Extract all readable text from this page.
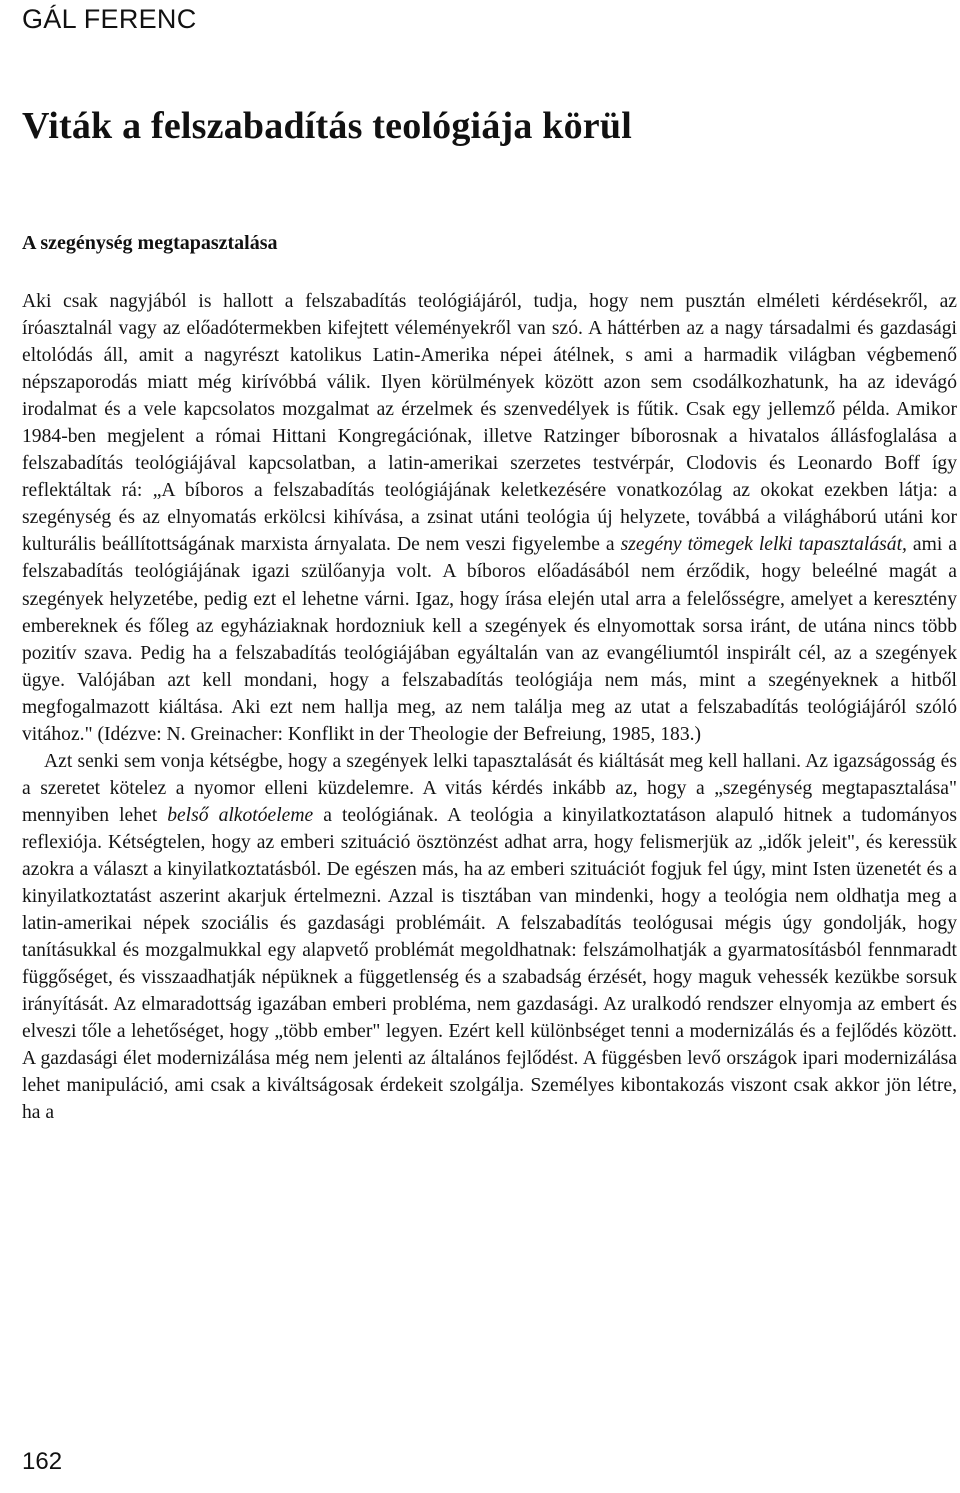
GÁL FERENC
Viták a felszabadítás teológiája körül
A szegénység megtapasztalása

Aki csak nagyjából is hallott a felszabadítás teológiájáról, tudja, hogy nem pusztán elméleti kérdésekről, az íróasztalnál vagy az előadótermekben kifejtett véleményekről van szó. A háttérben az a nagy társadalmi és gazdasági eltolódás áll, amit a nagyrészt katolikus Latin-Amerika népei átélnek, s ami a harmadik világban végbemenő népszaporodás miatt még kirívóbbá válik. Ilyen körülmények között azon sem csodálkozhatunk, ha az idevágó irodalmat és a vele kapcsolatos mozgalmat az érzelmek és szenvedélyek is fűtik. Csak egy jellemző példa. Amikor 1984-ben megjelent a római Hittani Kongregációnak, illetve Ratzinger bíborosnak a hivatalos állásfoglalása a felszabadítás teológiájával kapcsolatban, a latin-amerikai szerzetes testvérpár, Clodovis és Leonardo Boff így reflektáltak rá: „A bíboros a felszabadítás teológiájának keletkezésére vonatkozólag az okokat ezekben látja: a szegénység és az elnyomatás erkölcsi kihívása, a zsinat utáni teológia új helyzete, továbbá a világháború utáni kor kulturális beállítottságának marxista árnyalata. De nem veszi figyelembe a szegény tömegek lelki tapasztalását, ami a felszabadítás teológiájának igazi szülőanyja volt. A bíboros előadásából nem érződik, hogy beleélné magát a szegények helyzetébe, pedig ezt el lehetne várni. Igaz, hogy írása elején utal arra a felelősségre, amelyet a keresztény embereknek és főleg az egyháziaknak hordozniuk kell a szegények és elnyomottak sorsa iránt, de utána nincs több pozitív szava. Pedig ha a felszabadítás teológiájában egyáltalán van az evangéliumtól inspirált cél, az a szegények ügye. Valójában azt kell mondani, hogy a felszabadítás teológiája nem más, mint a szegényeknek a hitből megfogalmazott kiáltása. Aki ezt nem hallja meg, az nem találja meg az utat a felszabadítás teológiájáról szóló vitához." (Idézve: N. Greinacher: Konflikt in der Theologie der Befreiung, 1985, 183.)

Azt senki sem vonja kétségbe, hogy a szegények lelki tapasztalását és kiáltását meg kell hallani. Az igazságosság és a szeretet kötelez a nyomor elleni küzdelemre. A vitás kérdés inkább az, hogy a „szegénység megtapasztalása" mennyiben lehet belső alkotóeleme a teológiának. A teológia a kinyilatkoztatáson alapuló hitnek a tudományos reflexiója. Kétségtelen, hogy az emberi szituáció ösztönzést adhat arra, hogy felismerjük az „idők jeleit", és keressük azokra a választ a kinyilatkoztatásból. De egészen más, ha az emberi szituációt fogjuk fel úgy, mint Isten üzenetét és a kinyilatkoztatást aszerint akarjuk értelmezni. Azzal is tisztában van mindenki, hogy a teológia nem oldhatja meg a latin-amerikai népek szociális és gazdasági problémáit. A felszabadítás teológusai mégis úgy gondolják, hogy tanításukkal és mozgalmukkal egy alapvető problémát megoldhatnak: felszámolhatják a gyarmatosításból fennmaradt függőséget, és visszaadhatják népüknek a függetlenség és a szabadság érzését, hogy maguk vehessék kezükbe sorsuk irányítását. Az elmaradottság igazában emberi probléma, nem gazdasági. Az uralkodó rendszer elnyomja az embert és elveszi tőle a lehetőséget, hogy „több ember" legyen. Ezért kell különbséget tenni a modernizálás és a fejlődés között. A gazdasági élet modernizálása még nem jelenti az általános fejlődést. A függésben levő országok ipari modernizálása lehet manipuláció, ami csak a kiváltságosak érdekeit szolgálja. Személyes kibontakozás viszont csak akkor jön létre, ha a

162
